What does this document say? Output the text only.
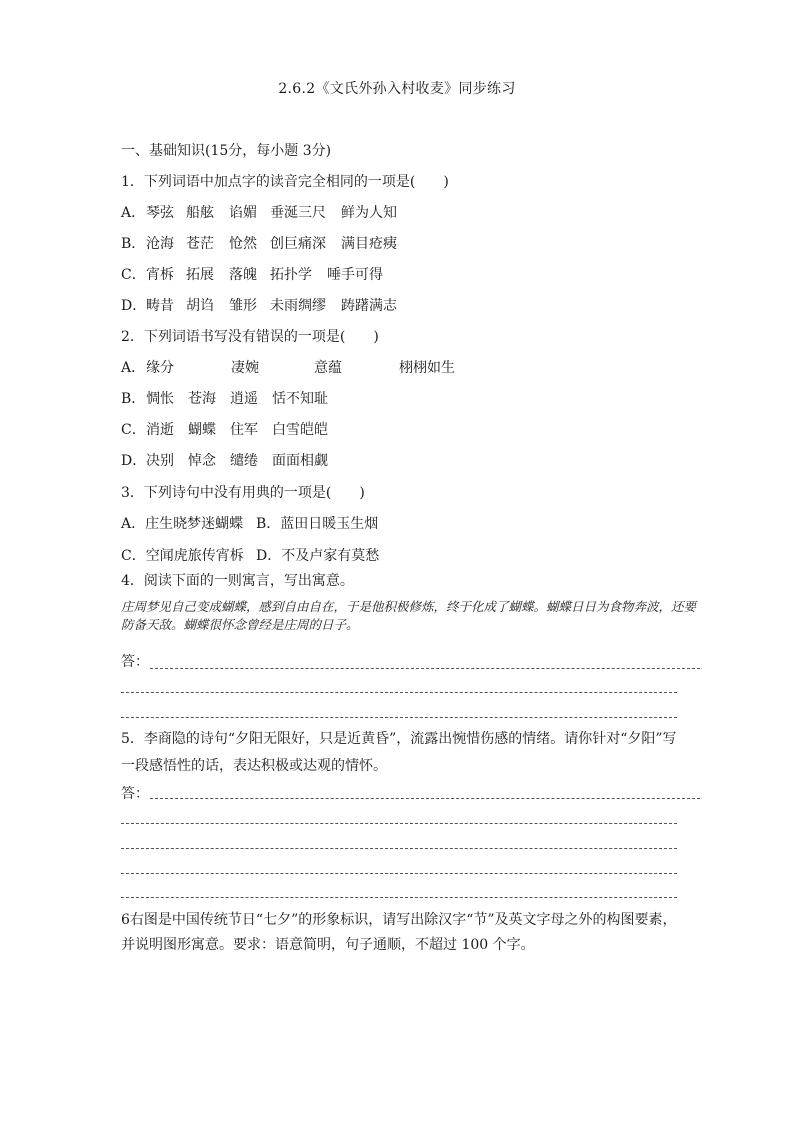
2.6.2《文氏外孙入村收麦》同步练习
一、基础知识(15分，每小题 3分)
1．下列词语中加点字的读音完全相同的一项是(　　)
A． 琴弦 船舷 谄媚 垂涎三尺 鲜为人知
B． 沧海 苍茫 怆然 创巨痛深 满目疮痍
C． 宵柝 拓展 落魄 拓扑学 唾手可得
D． 畴昔 胡诌 雏形 未雨绸缪 踌躇满志
2．下列词语书写没有错误的一项是(　　)
A． 缘分	凄婉	意蕴	栩栩如生
B． 惆怅 苍海 逍遥 恬不知耻
C． 消逝 蝴蝶 住军 白雪皑皑
D． 决别 悼念 缱绻 面面相觑
3．下列诗句中没有用典的一项是(　　)
A．庄生晓梦迷蝴蝶 B．蓝田日暖玉生烟
C．空闻虎旅传宵柝 D．不及卢家有莫愁
4．阅读下面的一则寓言，写出寓意。
庄周梦见自己变成蝴蝶，感到自由自在，于是他积极修炼，终于化成了蝴蝶。蝴蝶日日为食物奔波，还要防备天敌。蝴蝶很怀念曾经是庄周的日子。
答：
5．李商隐的诗句“夕阳无限好，只是近黄昏”，流露出惋惜伤感的情绪。请你针对“夕阳”写
一段感悟性的话，表达积极或达观的情怀。
答：
6右图是中国传统节日“七夕”的形象标识，请写出除汉字“节”及英文字母之外的构图要素，
并说明图形寓意。要求：语意简明，句子通顺，不超过 100 个字。
